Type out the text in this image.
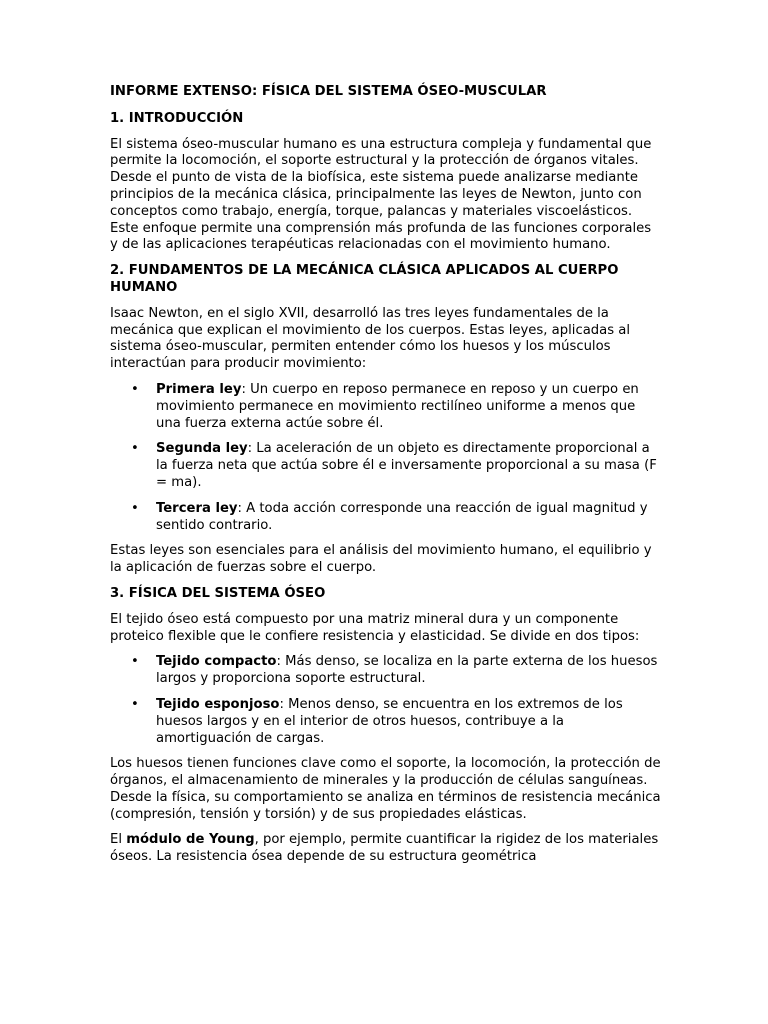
INFORME EXTENSO: FÍSICA DEL SISTEMA ÓSEO-MUSCULAR
1. INTRODUCCIÓN

El sistema óseo-muscular humano es una estructura compleja y fundamental que permite la locomoción, el soporte estructural y la protección de órganos vitales. Desde el punto de vista de la biofísica, este sistema puede analizarse mediante principios de la mecánica clásica, principalmente las leyes de Newton, junto con conceptos como trabajo, energía, torque, palancas y materiales viscoelásticos. Este enfoque permite una comprensión más profunda de las funciones corporales y de las aplicaciones terapéuticas relacionadas con el movimiento humano.

2. FUNDAMENTOS DE LA MECÁNICA CLÁSICA APLICADOS AL CUERPO HUMANO

Isaac Newton, en el siglo XVII, desarrolló las tres leyes fundamentales de la mecánica que explican el movimiento de los cuerpos. Estas leyes, aplicadas al sistema óseo-muscular, permiten entender cómo los huesos y los músculos interactúan para producir movimiento:

• Primera ley: Un cuerpo en reposo permanece en reposo y un cuerpo en movimiento permanece en movimiento rectilíneo uniforme a menos que una fuerza externa actúe sobre él.
• Segunda ley: La aceleración de un objeto es directamente proporcional a la fuerza neta que actúa sobre él e inversamente proporcional a su masa (F = ma).
• Tercera ley: A toda acción corresponde una reacción de igual magnitud y sentido contrario.

Estas leyes son esenciales para el análisis del movimiento humano, el equilibrio y la aplicación de fuerzas sobre el cuerpo.

3. FÍSICA DEL SISTEMA ÓSEO

El tejido óseo está compuesto por una matriz mineral dura y un componente proteico flexible que le confiere resistencia y elasticidad. Se divide en dos tipos:

• Tejido compacto: Más denso, se localiza en la parte externa de los huesos largos y proporciona soporte estructural.
• Tejido esponjoso: Menos denso, se encuentra en los extremos de los huesos largos y en el interior de otros huesos, contribuye a la amortiguación de cargas.

Los huesos tienen funciones clave como el soporte, la locomoción, la protección de órganos, el almacenamiento de minerales y la producción de células sanguíneas. Desde la física, su comportamiento se analiza en términos de resistencia mecánica (compresión, tensión y torsión) y de sus propiedades elásticas.

El módulo de Young, por ejemplo, permite cuantificar la rigidez de los materiales óseos. La resistencia ósea depende de su estructura geométrica
